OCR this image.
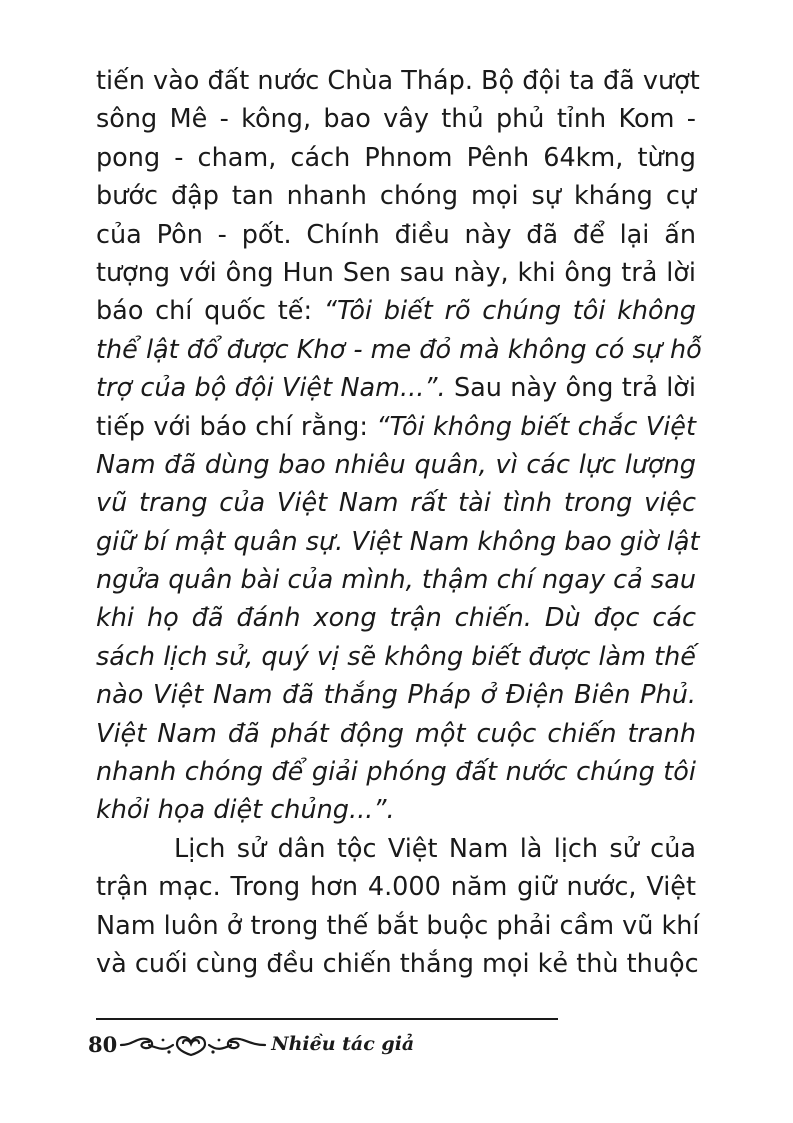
tiến vào đất nước Chùa Tháp. Bộ đội ta đã vượt
sông Mê - kông, bao vây thủ phủ tỉnh Kom -
pong - cham, cách Phnom Pênh 64km, từng
bước đập tan nhanh chóng mọi sự kháng cự
của Pôn - pốt. Chính điều này đã để lại ấn
tượng với ông Hun Sen sau này, khi ông trả lời
báo chí quốc tế: “Tôi biết rõ chúng tôi không
thể lật đổ được Khơ - me đỏ mà không có sự hỗ
trợ của bộ đội Việt Nam...”. Sau này ông trả lời
tiếp với báo chí rằng: “Tôi không biết chắc Việt
Nam đã dùng bao nhiêu quân, vì các lực lượng
vũ trang của Việt Nam rất tài tình trong việc
giữ bí mật quân sự. Việt Nam không bao giờ lật
ngửa quân bài của mình, thậm chí ngay cả sau
khi họ đã đánh xong trận chiến. Dù đọc các
sách lịch sử, quý vị sẽ không biết được làm thế
nào Việt Nam đã thắng Pháp ở Điện Biên Phủ.
Việt Nam đã phát động một cuộc chiến tranh
nhanh chóng để giải phóng đất nước chúng tôi
khỏi họa diệt chủng...”.
Lịch sử dân tộc Việt Nam là lịch sử của
trận mạc. Trong hơn 4.000 năm giữ nước, Việt
Nam luôn ở trong thế bắt buộc phải cầm vũ khí
và cuối cùng đều chiến thắng mọi kẻ thù thuộc
80	Nhiều tác giả
